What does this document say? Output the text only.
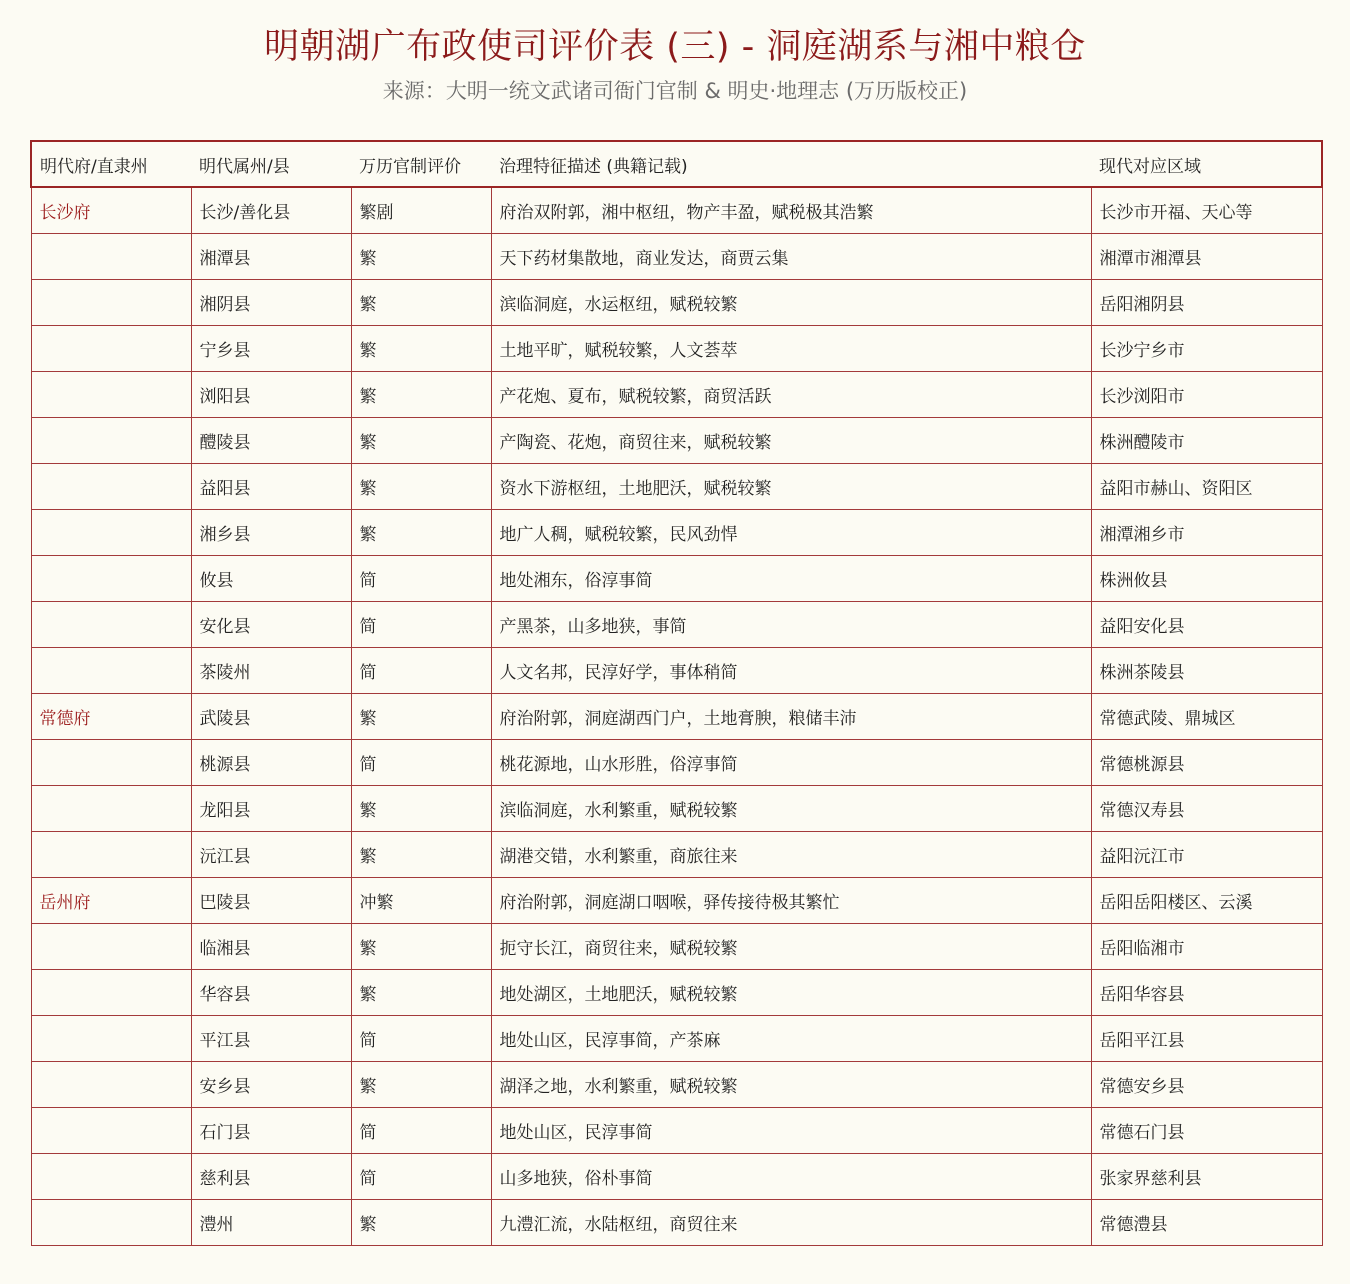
明朝湖广布政使司评价表 (三) - 洞庭湖系与湘中粮仓
来源：大明一统文武诸司衙门官制 & 明史·地理志 (万历版校正)
明代府/直隶州	明代属州/县	万历官制评价	治理特征描述 (典籍记载)	现代对应区域
长沙府	长沙/善化县	繁剧	府治双附郭，湘中枢纽，物产丰盈，赋税极其浩繁	长沙市开福、天心等
	湘潭县	繁	天下药材集散地，商业发达，商贾云集	湘潭市湘潭县
	湘阴县	繁	滨临洞庭，水运枢纽，赋税较繁	岳阳湘阴县
	宁乡县	繁	土地平旷，赋税较繁，人文荟萃	长沙宁乡市
	浏阳县	繁	产花炮、夏布，赋税较繁，商贸活跃	长沙浏阳市
	醴陵县	繁	产陶瓷、花炮，商贸往来，赋税较繁	株洲醴陵市
	益阳县	繁	资水下游枢纽，土地肥沃，赋税较繁	益阳市赫山、资阳区
	湘乡县	繁	地广人稠，赋税较繁，民风劲悍	湘潭湘乡市
	攸县	简	地处湘东，俗淳事简	株洲攸县
	安化县	简	产黑茶，山多地狭，事简	益阳安化县
	茶陵州	简	人文名邦，民淳好学，事体稍简	株洲茶陵县
常德府	武陵县	繁	府治附郭，洞庭湖西门户，土地膏腴，粮储丰沛	常德武陵、鼎城区
	桃源县	简	桃花源地，山水形胜，俗淳事简	常德桃源县
	龙阳县	繁	滨临洞庭，水利繁重，赋税较繁	常德汉寿县
	沅江县	繁	湖港交错，水利繁重，商旅往来	益阳沅江市
岳州府	巴陵县	冲繁	府治附郭，洞庭湖口咽喉，驿传接待极其繁忙	岳阳岳阳楼区、云溪
	临湘县	繁	扼守长江，商贸往来，赋税较繁	岳阳临湘市
	华容县	繁	地处湖区，土地肥沃，赋税较繁	岳阳华容县
	平江县	简	地处山区，民淳事简，产茶麻	岳阳平江县
	安乡县	繁	湖泽之地，水利繁重，赋税较繁	常德安乡县
	石门县	简	地处山区，民淳事简	常德石门县
	慈利县	简	山多地狭，俗朴事简	张家界慈利县
	澧州	繁	九澧汇流，水陆枢纽，商贸往来	常德澧县
